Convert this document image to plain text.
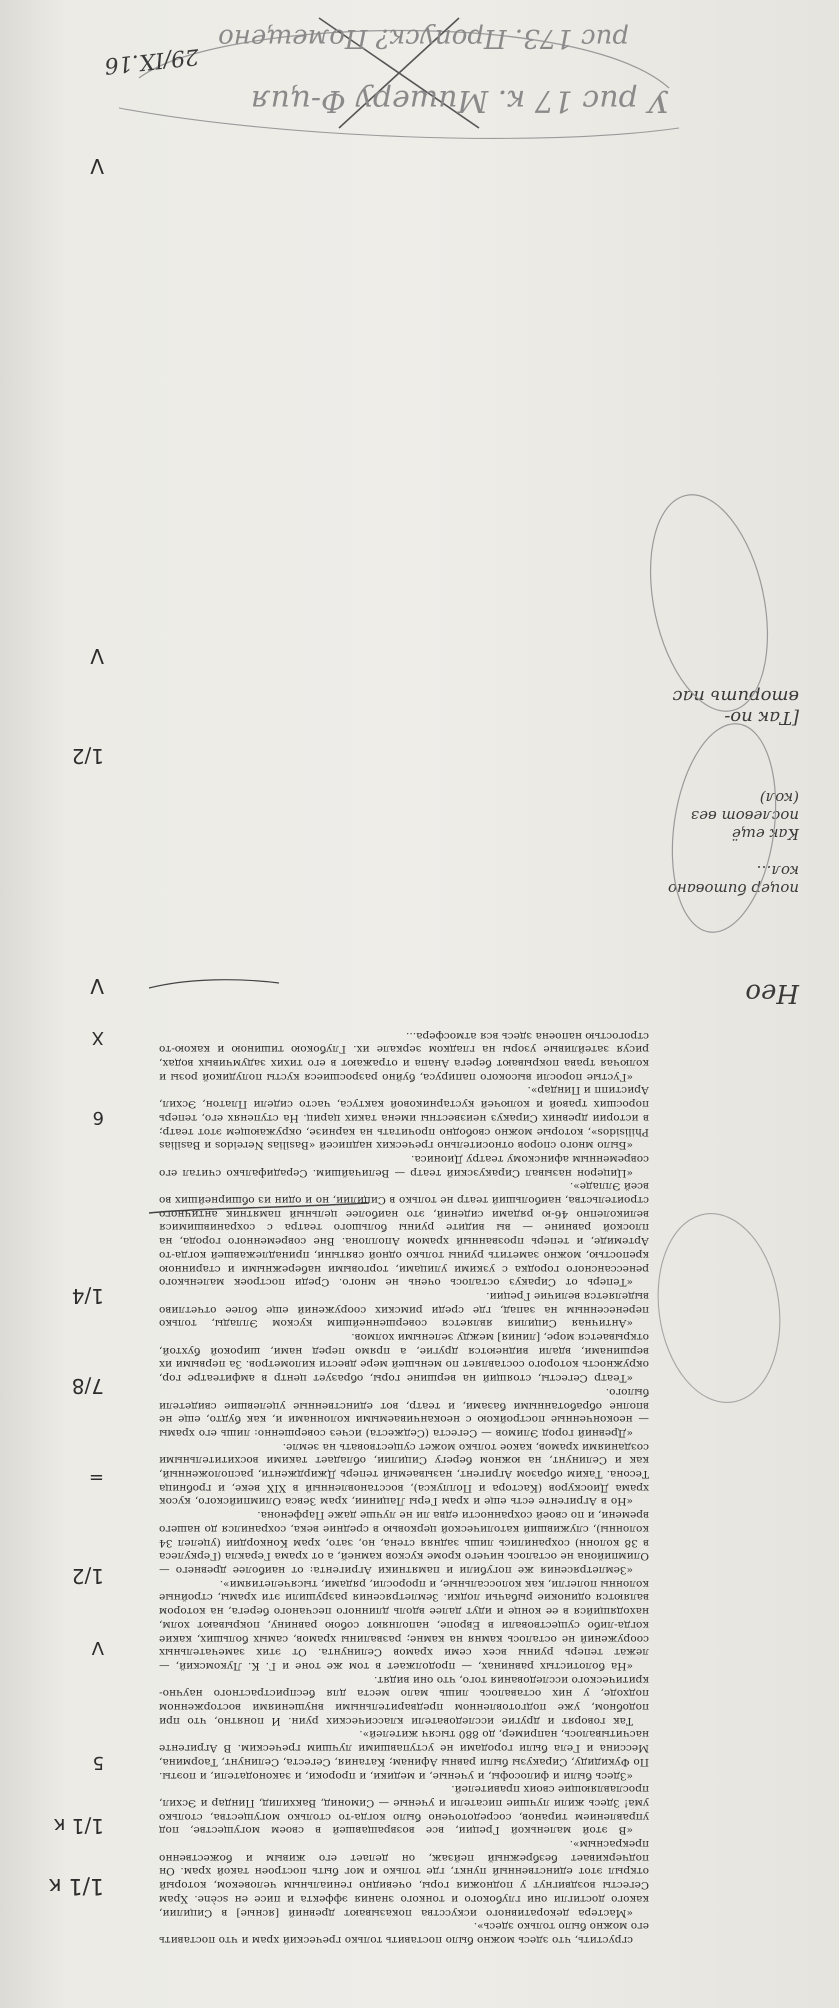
сгрустить, что здесь можно было поставить только греческий храм и что поставить его можно было только здесь».

«Мастера декоративного искусства показывают древний [ясные] в Сицилии, какого достигли они глубокого и тонкого знания эффекта и писе ен scène. Храм Сегесты воздвигнут у подножия горы, очевидно гениальным человеком, который открыл этот единственный пункт, где только и мог быть построен такой храм. Он подчеркивает безбрежный пейзаж, он делает его живым и божественно прекрасным».

«В этой маленькой Греции, все возвращавшей в своем могуществе, под управлением тиранов, сосредоточено было когда-то столько могущества, столько ума! Здесь жили лучшие писатели и ученые — Симонид, Вакхилид, Пиндар и Эсхил, прославляющие своих правителей.

«Здесь были и философы, и ученые, и медики, и пророки, и законодатели, и поэты. По Фукидиду, Сиракузы были равны Афинам; Катания, Сегеста, Селинунт, Таормина, Мессина и Гела были городами не уступавшими лучшим греческим. В Агригенте насчитывалось, например, до 880 тысяч жителей».

Так говорят и другие исследователи классических руин. И понятно, что при подобном, уже подготовленном предварительными внушениями восторженном подходе, у них оставалось лишь мало места для беспристрастного научно-критического исследования того, что они видят.

«На болотистых равнинах, — продолжает в том же тоне и Г. К. Лукомский, — лежат теперь руины всех семи храмов Селинунта. От этих замечательных сооружений не осталось камня на камне; развалины храмов, самых больших, какие когда-либо существовали в Европе, наполняют собою равнину, покрывают холм, находящийся в ее конце и идут далее вдоль длинного песчаного берега, на котором валяются одинокие рыбачьи лодки. Землетрясения разрушили эти храмы, стройные колонны полегли, как колоссальные, и проросли, рядами, тысячелетиями».

«Землетрясения же погубили и памятники Агригента: от наиболее древнего — Олимпийона не осталось ничего кроме кусков камней, а от храма Геракла (Геркулеса в 38 колонн) сохранились лишь задняя стена, но, зато, храм Конкордии (уцелел 34 колонны), служивший католической церковью в средние века, сохранился до нашего времени, и по своей сохранности едва ли не лучше даже Парфенона.

«Но в Агригенте есть еще и храм Геры Лацинии, храм Зевса Олимпийского, кусок храма Диоскуров (Кастора и Поллукса), восстановленный в XIX веке, и гробница Тесона. Таким образом Агригент, называемый теперь Джирдженти, расположенный, как и Селинунт, на южном берегу Сицилии, обладает такими восхитительными созданиями храмов, какое только может существовать на земле.

«Древний город Элимов — Сегеста (Седжеста) исчез совершенно: лишь его храмы — неоконченные постройкою с неоканчиваемыми колоннами и, как будто, еще не вполне обработанными базами, и театр, вот единственные уцелевшие свидетели былого.

«Театр Сегесты, стоящий на вершине горы, образует центр в амфитеатре гор, окружность которого составляет по меньшей мере двести километров. За первыми их вершинами, вдали виднеются другие, а прямо перед нами, широкой бухтой, открывается море, [линия] между зелеными холмов.

«Античная Сицилия является совершеннейшим куском Эллады, только перенесенным на запад, где среди римских сооружений еще более отчетливо выделяется величие Греции.

«Теперь от Сиракуз осталось очень не много. Среди построек маленького ренессансного городка с узкими улицами, торговыми набережными и старинною крепостью, можно заметить руины только одной святыни, принадлежавшей когда-то Артемиде, и теперь прозванный храмом Аполлона. Вне современного города, на плоской равнине — вы видите руины большого театра с сохранившимися великолепно 46-ю рядами сидений, это наиболее цельный памятник античного строительства, наибольший театр не только в Сицилии, но и один из обширнейших во всей Элладе».

«Цицерон называл Сиракузский театр — Величайшим. Серадифалько считал его современным афинскому театру Диониса.

«Было много споров относительно греческих надписей «Basilias Nereidos и Basilias Philisidos», которые можно свободно прочитать на карнизе, окружающем этот театр; в истории древних Сиракуз неизвестны имена таких цариц. На ступенях его, теперь поросших травой и колючей кустарниковой кактуса, часто сидели Платон, Эсхил, Аристипп и Пиндар».

«Густые поросли высокого папируса, буйно разросшиеся кусты полудикой розы и колючая трава покрывают берега Анапа и отражают в его тихих задумчивых водах, рисуя затейливые узоры на гладком зеркале их. Глубокою тишиною и какою-то строгостью напоена здесь вся атмосфера...

1/1 к
1/1 к
5
V
1/2
=
7/8
1/4
V
6
X
V
1/2
V
Нео
[Так по-вторить пас
Как ещё послевот вез (кол)
поцер битовано кол…
У рис 17 к. Мишеру Ф-ция
рис 173. Пропуск? Помещено
29/IX.16
